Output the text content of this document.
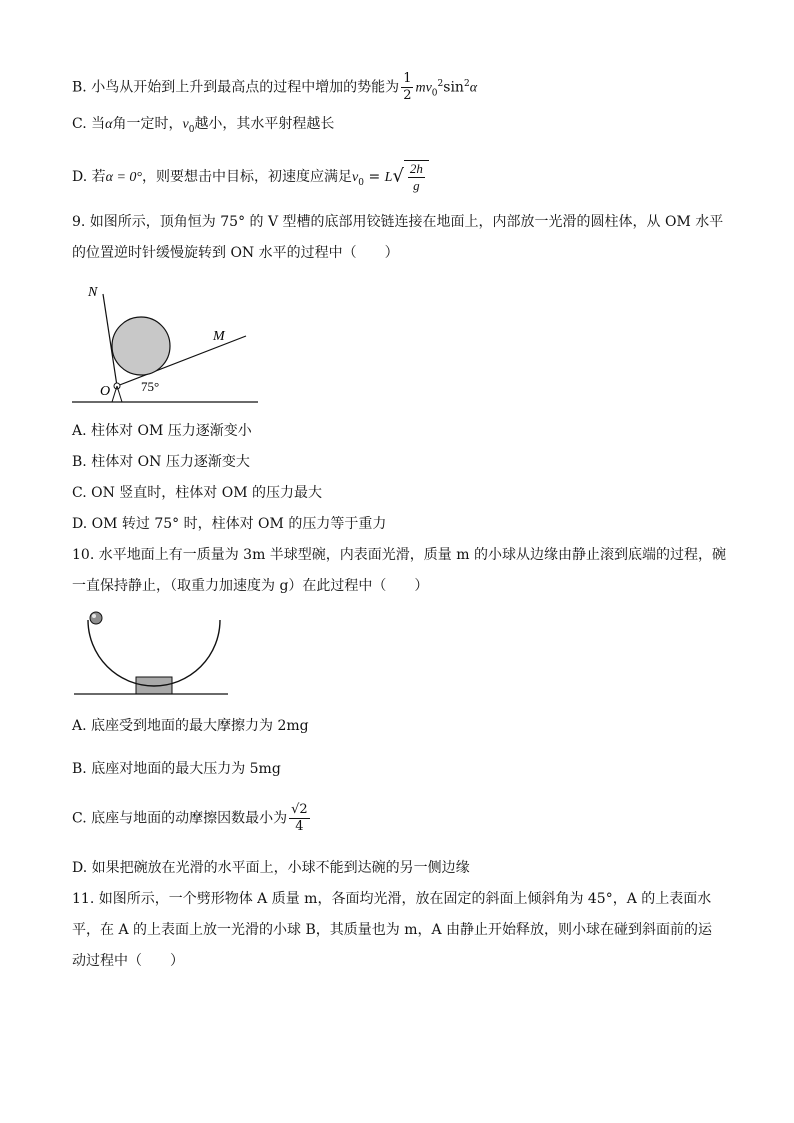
B. 小鸟从开始到上升到最高点的过程中增加的势能为 $\frac{1}{2} mv_0^2\sin^2\alpha$
C. 当α角一定时，$v_0$越小，其水平射程越长
D. 若α = 0°，则要想击中目标，初速度应满足$v_0 = L√ \frac{2h}{g}$
9. 如图所示，顶角恒为 75° 的 V 型槽的底部用铰链连接在地面上，内部放一光滑的圆柱体，从 OM 水平
的位置逆时针缓慢旋转到 ON 水平的过程中（　　）
N
M
O 75°
A. 柱体对 OM 压力逐渐变小
B. 柱体对 ON 压力逐渐变大
C. ON 竖直时，柱体对 OM 的压力最大
D. OM 转过 75° 时，柱体对 OM 的压力等于重力
10. 水平地面上有一质量为 3m 半球型碗，内表面光滑，质量 m 的小球从边缘由静止滚到底端的过程，碗
一直保持静止，（取重力加速度为 g）在此过程中（　　）
A. 底座受到地面的最大摩擦力为 2mg
B. 底座对地面的最大压力为 5mg
C. 底座与地面的动摩擦因数最小为 $\frac{√2}{4}$
D. 如果把碗放在光滑的水平面上，小球不能到达碗的另一侧边缘
11. 如图所示，一个劈形物体 A 质量 m，各面均光滑，放在固定的斜面上倾斜角为 45°，A 的上表面水
平，在 A 的上表面上放一光滑的小球 B，其质量也为 m，A 由静止开始释放，则小球在碰到斜面前的运
动过程中（　　）
